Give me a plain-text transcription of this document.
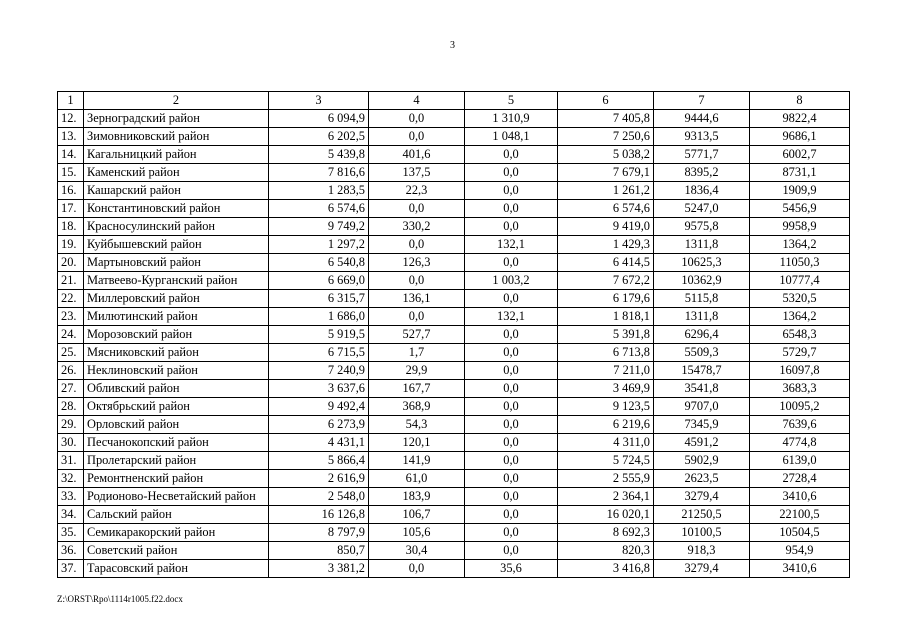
3
1	2	3	4	5	6	7	8
12.	Зерноградский район	6 094,9	0,0	1 310,9	7 405,8	9444,6	9822,4
13.	Зимовниковский район	6 202,5	0,0	1 048,1	7 250,6	9313,5	9686,1
14.	Кагальницкий район	5 439,8	401,6	0,0	5 038,2	5771,7	6002,7
15.	Каменский район	7 816,6	137,5	0,0	7 679,1	8395,2	8731,1
16.	Кашарский район	1 283,5	22,3	0,0	1 261,2	1836,4	1909,9
17.	Константиновский район	6 574,6	0,0	0,0	6 574,6	5247,0	5456,9
18.	Красносулинский район	9 749,2	330,2	0,0	9 419,0	9575,8	9958,9
19.	Куйбышевский район	1 297,2	0,0	132,1	1 429,3	1311,8	1364,2
20.	Мартыновский район	6 540,8	126,3	0,0	6 414,5	10625,3	11050,3
21.	Матвеево-Курганский район	6 669,0	0,0	1 003,2	7 672,2	10362,9	10777,4
22.	Миллеровский район	6 315,7	136,1	0,0	6 179,6	5115,8	5320,5
23.	Милютинский район	1 686,0	0,0	132,1	1 818,1	1311,8	1364,2
24.	Морозовский район	5 919,5	527,7	0,0	5 391,8	6296,4	6548,3
25.	Мясниковский район	6 715,5	1,7	0,0	6 713,8	5509,3	5729,7
26.	Неклиновский район	7 240,9	29,9	0,0	7 211,0	15478,7	16097,8
27.	Обливский район	3 637,6	167,7	0,0	3 469,9	3541,8	3683,3
28.	Октябрьский район	9 492,4	368,9	0,0	9 123,5	9707,0	10095,2
29.	Орловский район	6 273,9	54,3	0,0	6 219,6	7345,9	7639,6
30.	Песчанокопский район	4 431,1	120,1	0,0	4 311,0	4591,2	4774,8
31.	Пролетарский район	5 866,4	141,9	0,0	5 724,5	5902,9	6139,0
32.	Ремонтненский район	2 616,9	61,0	0,0	2 555,9	2623,5	2728,4
33.	Родионово-Несветайский район	2 548,0	183,9	0,0	2 364,1	3279,4	3410,6
34.	Сальский район	16 126,8	106,7	0,0	16 020,1	21250,5	22100,5
35.	Семикаракорский район	8 797,9	105,6	0,0	8 692,3	10100,5	10504,5
36.	Советский район	850,7	30,4	0,0	820,3	918,3	954,9
37.	Тарасовский район	3 381,2	0,0	35,6	3 416,8	3279,4	3410,6
Z:\ORST\Rpo\1114r1005.f22.docx
